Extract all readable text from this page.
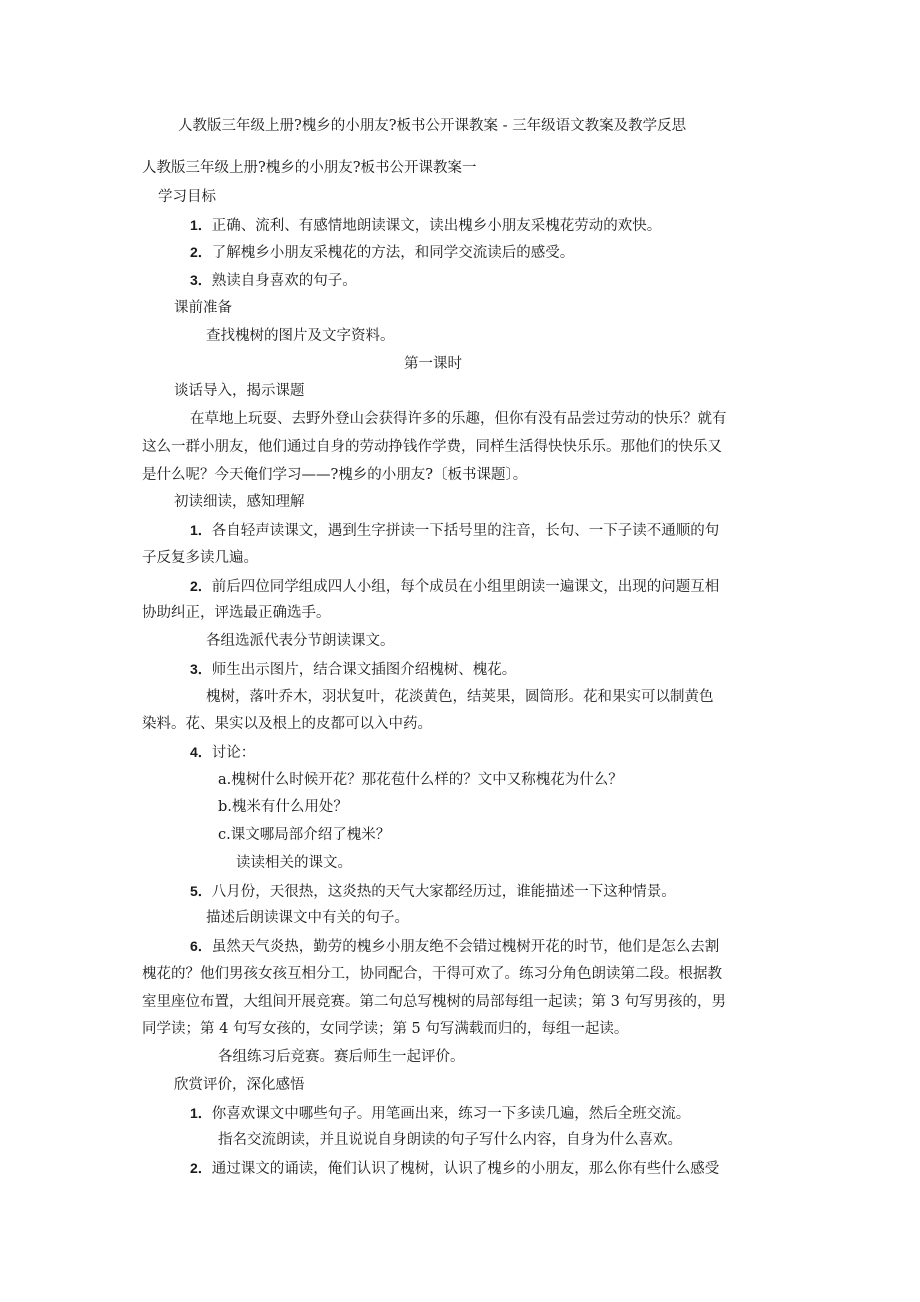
人教版三年级上册?槐乡的小朋友?板书公开课教案 - 三年级语文教案及教学反思
人教版三年级上册?槐乡的小朋友?板书公开课教案一
学习目标
1．正确、流利、有感情地朗读课文，读出槐乡小朋友采槐花劳动的欢快。
2．了解槐乡小朋友采槐花的方法，和同学交流读后的感受。
3．熟读自身喜欢的句子。
课前准备
查找槐树的图片及文字资料。
第一课时
谈话导入，揭示课题
在草地上玩耍、去野外登山会获得许多的乐趣，但你有没有品尝过劳动的快乐？就有
这么一群小朋友，他们通过自身的劳动挣钱作学费，同样生活得快快乐乐。那他们的快乐又
是什么呢？今天俺们学习——?槐乡的小朋友?〔板书课题〕。
初读细读，感知理解
1．各自轻声读课文，遇到生字拼读一下括号里的注音，长句、一下子读不通顺的句
子反复多读几遍。
2．前后四位同学组成四人小组，每个成员在小组里朗读一遍课文，出现的问题互相
协助纠正，评选最正确选手。
各组选派代表分节朗读课文。
3．师生出示图片，结合课文插图介绍槐树、槐花。
槐树，落叶乔木，羽状复叶，花淡黄色，结荚果，圆筒形。花和果实可以制黄色
染料。花、果实以及根上的皮都可以入中药。
4．讨论：
a.槐树什么时候开花？那花苞什么样的？文中又称槐花为什么？
b.槐米有什么用处？
c.课文哪局部介绍了槐米？
读读相关的课文。
5．八月份，天很热，这炎热的天气大家都经历过，谁能描述一下这种情景。
描述后朗读课文中有关的句子。
6．虽然天气炎热，勤劳的槐乡小朋友绝不会错过槐树开花的时节，他们是怎么去割
槐花的？他们男孩女孩互相分工，协同配合，干得可欢了。练习分角色朗读第二段。根据教
室里座位布置，大组间开展竞赛。第二句总写槐树的局部每组一起读；第 3 句写男孩的，男
同学读；第 4 句写女孩的，女同学读；第 5 句写满载而归的，每组一起读。
各组练习后竞赛。赛后师生一起评价。
欣赏评价，深化感悟
1．你喜欢课文中哪些句子。用笔画出来，练习一下多读几遍，然后全班交流。
指名交流朗读，并且说说自身朗读的句子写什么内容，自身为什么喜欢。
2．通过课文的诵读，俺们认识了槐树，认识了槐乡的小朋友，那么你有些什么感受
